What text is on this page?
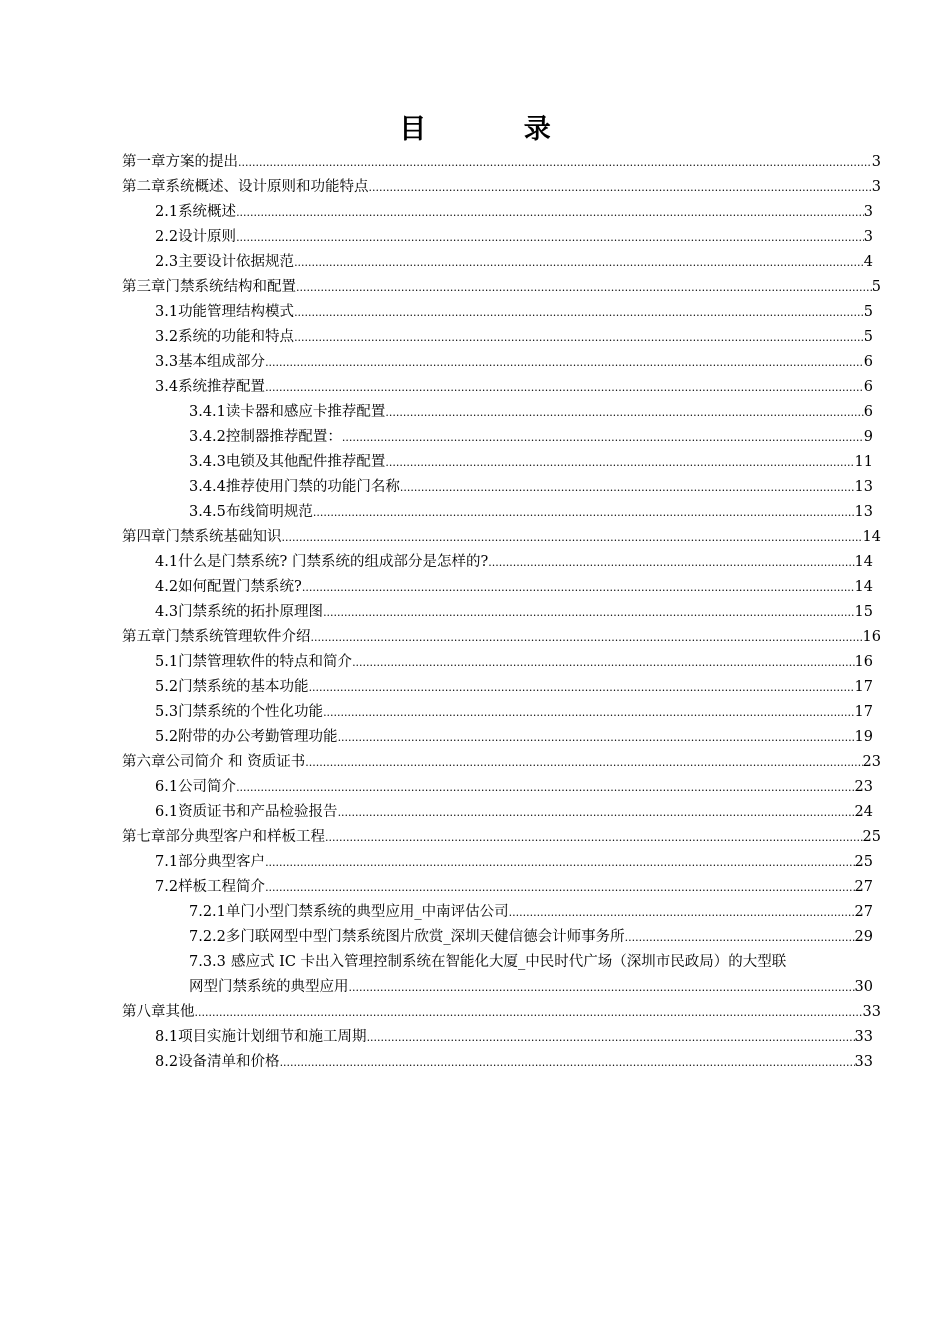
目 录
第一章 方案的提出 .....	3
第二章 系统概述、设计原则和功能特点 .....	3
2.1 系统概述 .....	3
2.2 设计原则 .....	3
2.3 主要设计依据规范 .....	4
第三章 门禁系统结构和配置 .....	5
3.1 功能管理结构模式 .....	5
3.2 系统的功能和特点 .....	5
3.3 基本组成部分 .....	6
3.4 系统推荐配置 .....	6
3.4.1 读卡器和感应卡推荐配置 .....	6
3.4.2 控制器推荐配置： .....	9
3.4.3 电锁及其他配件推荐配置 .....	11
3.4.4 推荐使用门禁的功能门名称 .....	13
3.4.5 布线简明规范 .....	13
第四章 门禁系统基础知识 .....	14
4.1 什么是门禁系统? 门禁系统的组成部分是怎样的? .....	14
4.2 如何配置门禁系统? .....	14
4.3 门禁系统的拓扑原理图 .....	15
第五章 门禁系统管理软件介绍 .....	16
5.1 门禁管理软件的特点和简介 .....	16
5.2 门禁系统的基本功能 .....	17
5.3 门禁系统的个性化功能 .....	17
5.2 附带的办公考勤管理功能 .....	19
第六章 公司简介 和 资质证书 .....	23
6.1 公司简介 .....	23
6.1 资质证书和产品检验报告 .....	24
第七章 部分典型客户和样板工程 .....	25
7.1 部分典型客户 .....	25
7.2 样板工程简介 .....	27
7.2.1 单门小型门禁系统的典型应用_中南评估公司 .....	27
7.2.2 多门联网型中型门禁系统图片欣赏_深圳天健信德会计师事务所 .....	29
7.3.3 感应式 IC 卡出入管理控制系统在智能化大厦_中民时代广场（深圳市民政局）的大型联
网型门禁系统的典型应用 .....	30
第八章 其他 .....	33
8.1 项目实施计划细节和施工周期 .....	33
8.2 设备清单和价格 .....	33
